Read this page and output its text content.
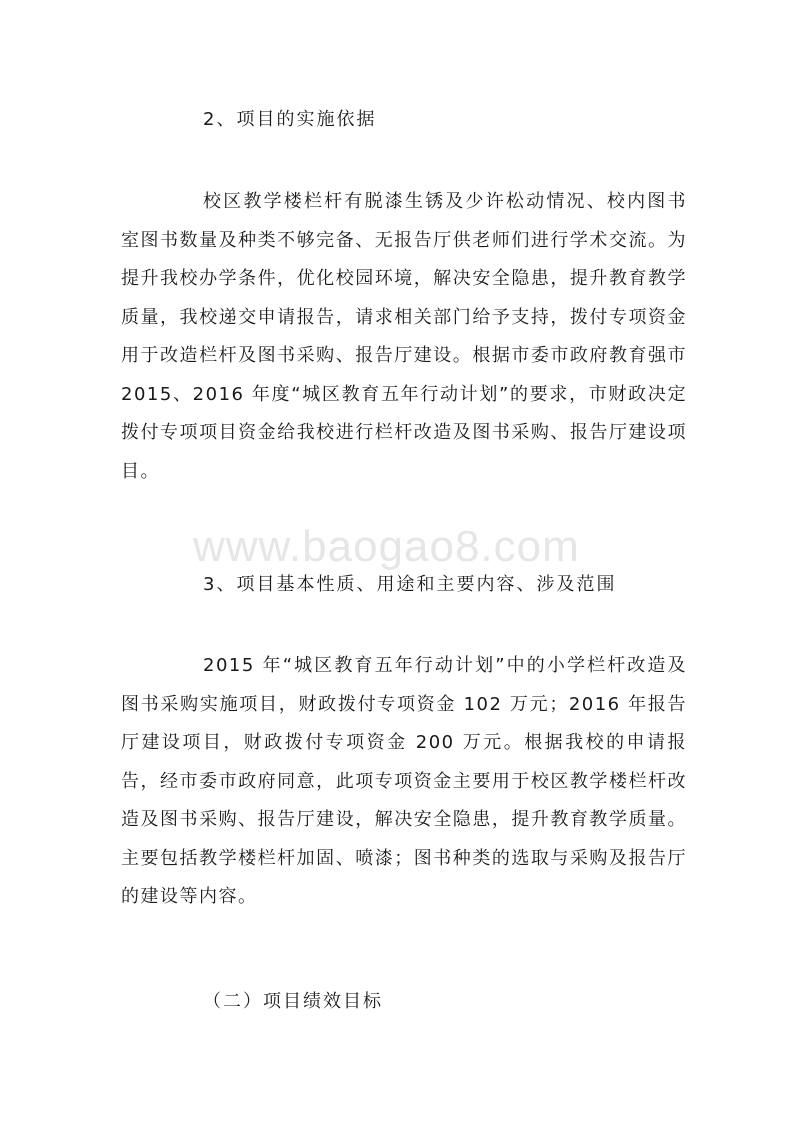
2、项目的实施依据

校区教学楼栏杆有脱漆生锈及少许松动情况、校内图书室图书数量及种类不够完备、无报告厅供老师们进行学术交流。为提升我校办学条件，优化校园环境，解决安全隐患，提升教育教学质量，我校递交申请报告，请求相关部门给予支持，拨付专项资金用于改造栏杆及图书采购、报告厅建设。根据市委市政府教育强市 2015、2016 年度“城区教育五年行动计划”的要求，市财政决定拨付专项项目资金给我校进行栏杆改造及图书采购、报告厅建设项目。

www.baogao8.com
3、项目基本性质、用途和主要内容、涉及范围

2015 年“城区教育五年行动计划”中的小学栏杆改造及图书采购实施项目，财政拨付专项资金 102 万元；2016 年报告厅建设项目，财政拨付专项资金 200 万元。根据我校的申请报告，经市委市政府同意，此项专项资金主要用于校区教学楼栏杆改造及图书采购、报告厅建设，解决安全隐患，提升教育教学质量。主要包括教学楼栏杆加固、喷漆；图书种类的选取与采购及报告厅的建设等内容。

（二）项目绩效目标
